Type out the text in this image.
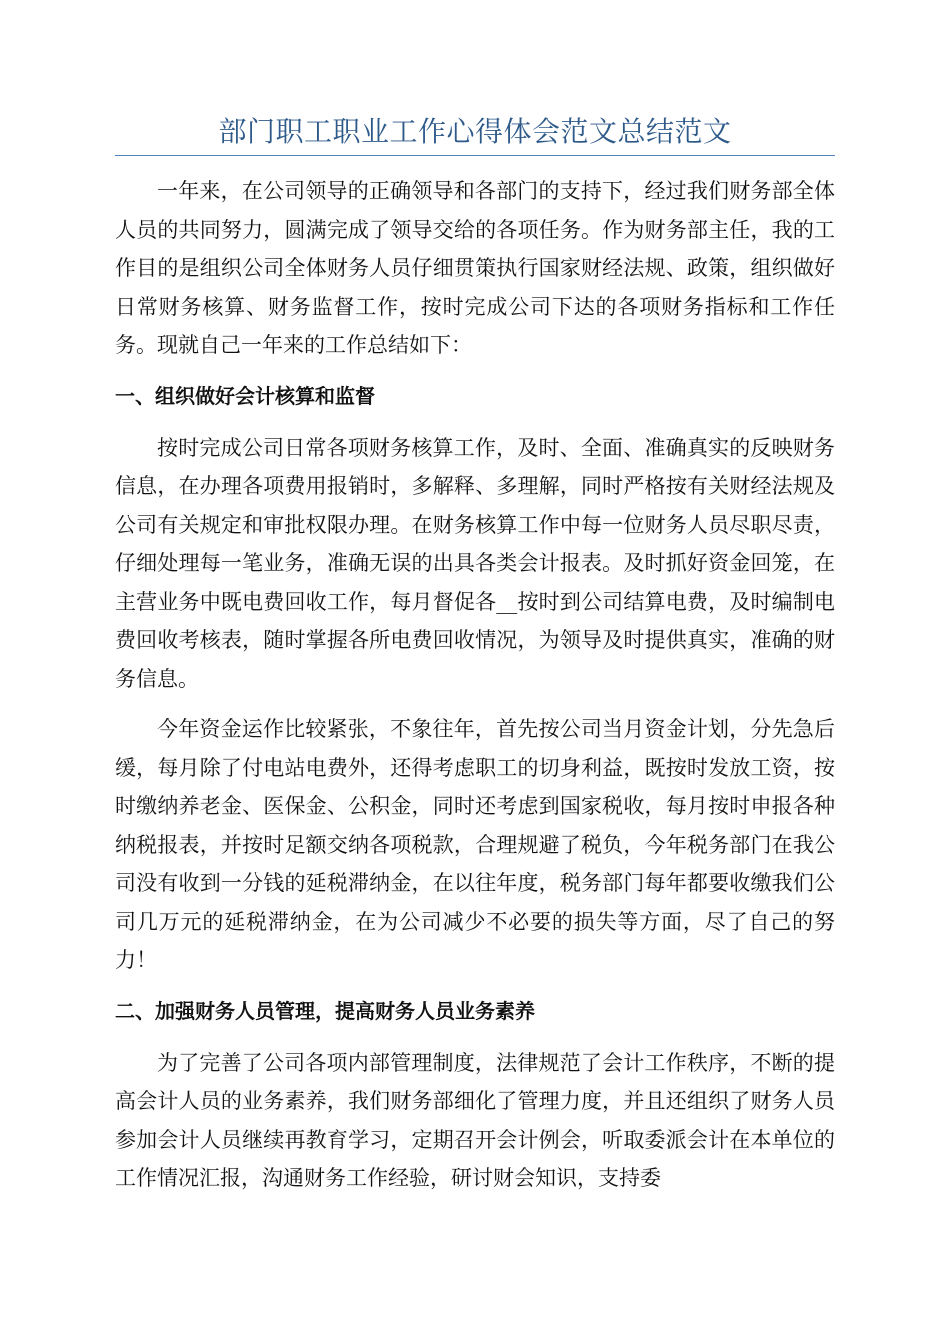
部门职工职业工作心得体会范文总结范文

一年来，在公司领导的正确领导和各部门的支持下，经过我们财务部全体人员的共同努力，圆满完成了领导交给的各项任务。作为财务部主任，我的工作目的是组织公司全体财务人员仔细贯策执行国家财经法规、政策，组织做好日常财务核算、财务监督工作，按时完成公司下达的各项财务指标和工作任务。现就自己一年来的工作总结如下：

一、组织做好会计核算和监督

按时完成公司日常各项财务核算工作，及时、全面、准确真实的反映财务信息，在办理各项费用报销时，多解释、多理解，同时严格按有关财经法规及公司有关规定和审批权限办理。在财务核算工作中每一位财务人员尽职尽责，仔细处理每一笔业务，准确无误的出具各类会计报表。及时抓好资金回笼，在主营业务中既电费回收工作，每月督促各__按时到公司结算电费，及时编制电费回收考核表，随时掌握各所电费回收情况，为领导及时提供真实，准确的财务信息。

今年资金运作比较紧张，不象往年，首先按公司当月资金计划，分先急后缓，每月除了付电站电费外，还得考虑职工的切身利益，既按时发放工资，按时缴纳养老金、医保金、公积金，同时还考虑到国家税收，每月按时申报各种纳税报表，并按时足额交纳各项税款，合理规避了税负，今年税务部门在我公司没有收到一分钱的延税滞纳金，在以往年度，税务部门每年都要收缴我们公司几万元的延税滞纳金，在为公司减少不必要的损失等方面，尽了自己的努力！

二、加强财务人员管理，提高财务人员业务素养

为了完善了公司各项内部管理制度，法律规范了会计工作秩序，不断的提高会计人员的业务素养，我们财务部细化了管理力度，并且还组织了财务人员参加会计人员继续再教育学习，定期召开会计例会，听取委派会计在本单位的工作情况汇报，沟通财务工作经验，研讨财会知识，支持委
